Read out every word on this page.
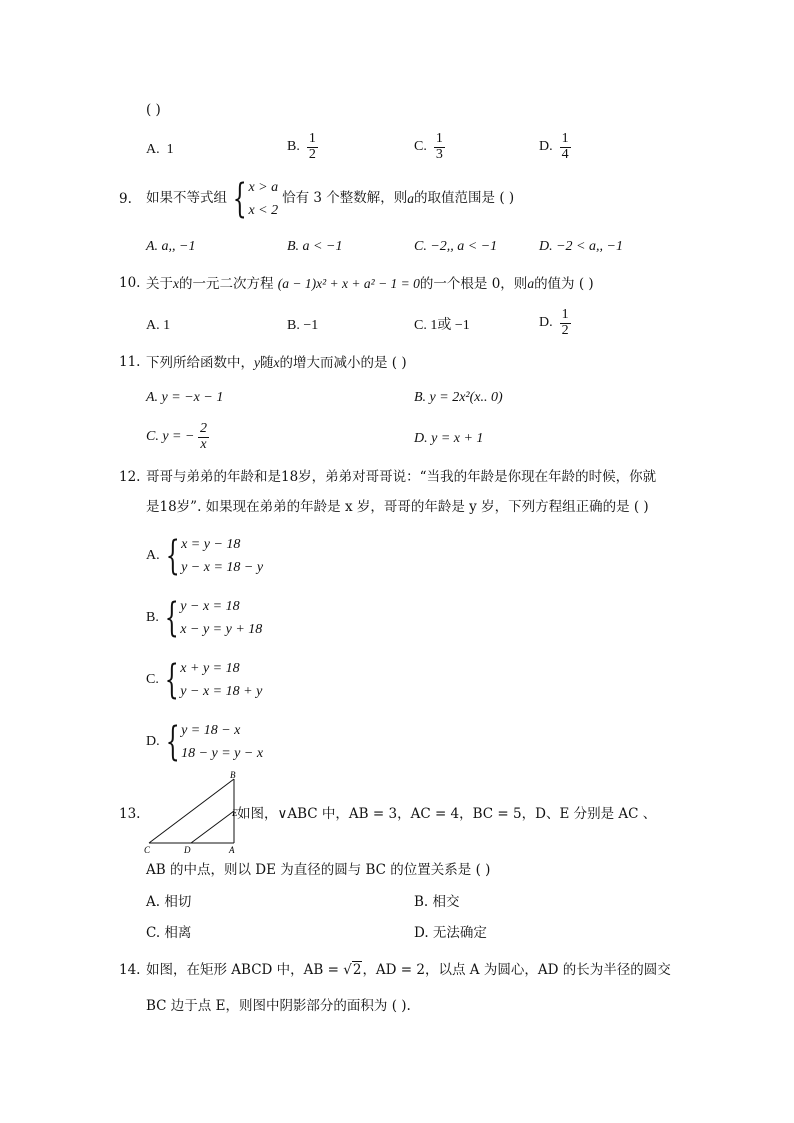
( )
A. 1	B. $\frac{1}{2}$	C. $\frac{1}{3}$	D. $\frac{1}{4}$
9. 如果不等式组 { x > a
x < 2
恰有 3 个整数解，则 a 的取值范围是 ( )
A. a,, −1	B. a < −1	C. −2,, a < −1	D. −2 < a,, −1
10. 关于x的一元二次方程 (a − 1)x² + x + a² − 1 = 0的一个根是 0，则a的值为 ( )
A. 1	B. −1	C. 1或 −1	D. $\frac{1}{2}$
11. 下列所给函数中，y随x的增大而减小的是 ( )
A. y = −x − 1	B. y = 2x²(x.. 0)
C. y = − $\frac{2}{x}$	D. y = x + 1
12. 哥哥与弟弟的年龄和是18岁，弟弟对哥哥说：“当我的年龄是你现在年龄的时候，你就
是18岁”. 如果现在弟弟的年龄是 x 岁，哥哥的年龄是 y 岁，下列方程组正确的是 ( )
A. { x = y − 18
y − x = 18 − y
B. { y − x = 18
x − y = y + 18
C. { x + y = 18
y − x = 18 + y
D. { y = 18 − x
18 − y = y − x
13.
B
E
C	D	A
如图，∨ABC 中，AB = 3，AC = 4，BC = 5，D、E 分别是 AC 、
AB 的中点，则以 DE 为直径的圆与 BC 的位置关系是 ( )
A. 相切	B. 相交
C. 相离	D. 无法确定
14. 如图，在矩形 ABCD 中，AB = √2，AD = 2，以点 A 为圆心，AD 的长为半径的圆交
BC 边于点 E，则图中阴影部分的面积为 ( ).
